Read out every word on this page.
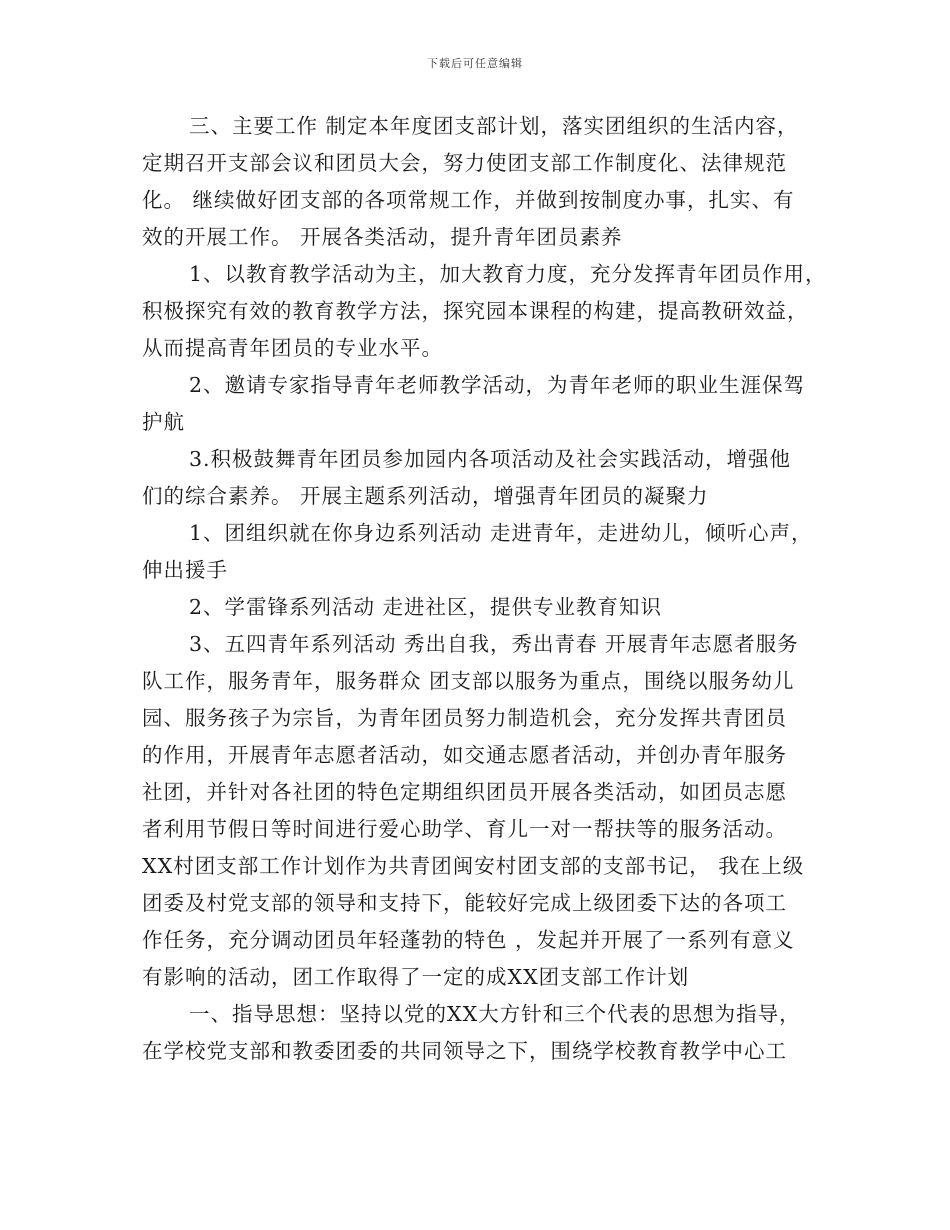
下载后可任意编辑
三、主要工作 制定本年度团支部计划，落实团组织的生活内容，
定期召开支部会议和团员大会，努力使团支部工作制度化、法律规范
化。 继续做好团支部的各项常规工作，并做到按制度办事，扎实、有
效的开展工作。 开展各类活动，提升青年团员素养
1、以教育教学活动为主，加大教育力度，充分发挥青年团员作用，
积极探究有效的教育教学方法，探究园本课程的构建，提高教研效益，
从而提高青年团员的专业水平。
2、邀请专家指导青年老师教学活动，为青年老师的职业生涯保驾
护航
3.积极鼓舞青年团员参加园内各项活动及社会实践活动，增强他
们的综合素养。 开展主题系列活动，增强青年团员的凝聚力
1、团组织就在你身边系列活动 走进青年，走进幼儿，倾听心声，
伸出援手
2、学雷锋系列活动 走进社区，提供专业教育知识
3、五四青年系列活动 秀出自我，秀出青春 开展青年志愿者服务
队工作，服务青年，服务群众 团支部以服务为重点，围绕以服务幼儿
园、服务孩子为宗旨，为青年团员努力制造机会，充分发挥共青团员
的作用，开展青年志愿者活动，如交通志愿者活动，并创办青年服务
社团，并针对各社团的特色定期组织团员开展各类活动，如团员志愿
者利用节假日等时间进行爱心助学、育儿一对一帮扶等的服务活动。
XX村团支部工作计划作为共青团闽安村团支部的支部书记， 我在上级
团委及村党支部的领导和支持下，能较好完成上级团委下达的各项工
作任务，充分调动团员年轻蓬勃的特色 ，发起并开展了一系列有意义
有影响的活动，团工作取得了一定的成XX团支部工作计划
一、指导思想：坚持以党的XX大方针和三个代表的思想为指导，
在学校党支部和教委团委的共同领导之下，围绕学校教育教学中心工
